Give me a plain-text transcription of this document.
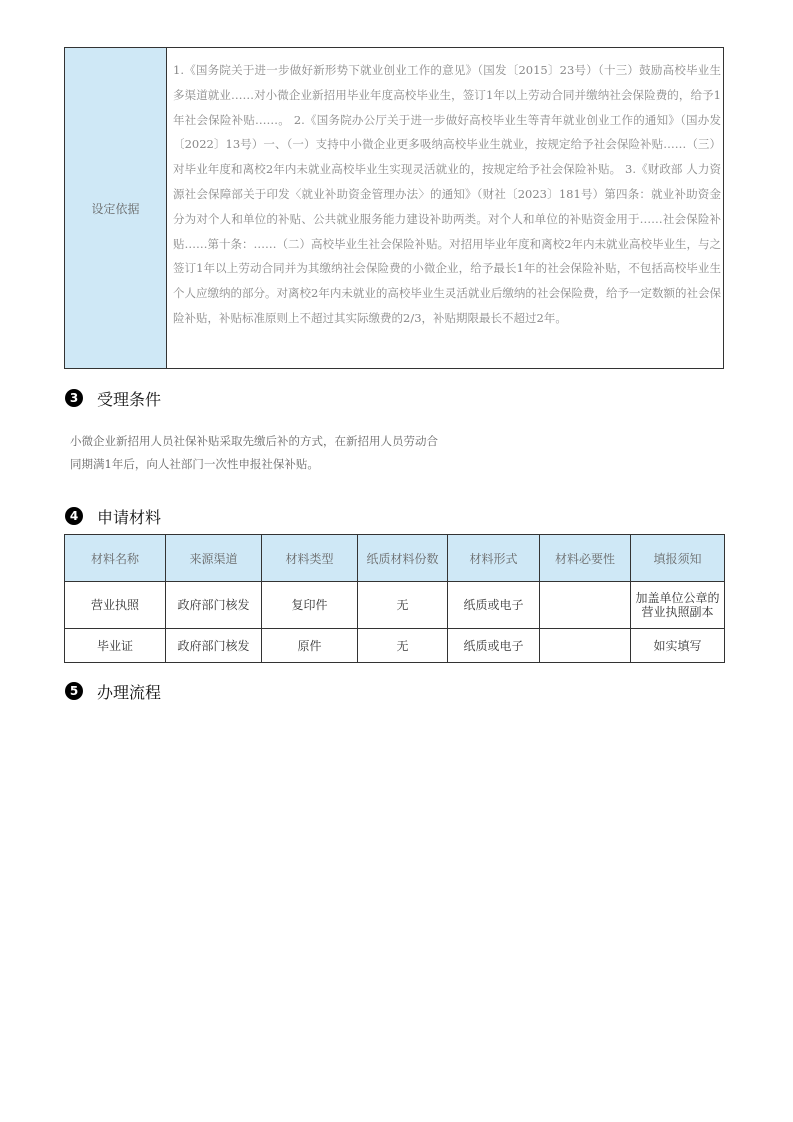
设定依据	1.《国务院关于进一步做好新形势下就业创业工作的意见》（国发〔2015〕23号）（十三）鼓励高校毕业生多渠道就业……对小微企业新招用毕业年度高校毕业生，签订1年以上劳动合同并缴纳社会保险费的，给予1年社会保险补贴……。 2.《国务院办公厅关于进一步做好高校毕业生等青年就业创业工作的通知》（国办发〔2022〕13号）一、（一）支持中小微企业更多吸纳高校毕业生就业，按规定给予社会保险补贴……（三）对毕业年度和离校2年内未就业高校毕业生实现灵活就业的，按规定给予社会保险补贴。 3.《财政部 人力资源社会保障部关于印发〈就业补助资金管理办法〉的通知》（财社〔2023〕181号）第四条：就业补助资金分为对个人和单位的补贴、公共就业服务能力建设补助两类。对个人和单位的补贴资金用于……社会保险补贴……第十条：……（二）高校毕业生社会保险补贴。对招用毕业年度和离校2年内未就业高校毕业生，与之签订1年以上劳动合同并为其缴纳社会保险费的小微企业，给予最长1年的社会保险补贴，不包括高校毕业生个人应缴纳的部分。对离校2年内未就业的高校毕业生灵活就业后缴纳的社会保险费，给予一定数额的社会保险补贴，补贴标准原则上不超过其实际缴费的2/3，补贴期限最长不超过2年。
3	受理条件

小微企业新招用人员社保补贴采取先缴后补的方式，在新招用人员劳动合

同期满1年后，向人社部门一次性申报社保补贴。

4	申请材料
材料名称	来源渠道	材料类型	纸质材料份数	材料形式	材料必要性	填报须知
营业执照	政府部门核发	复印件	无	纸质或电子		加盖单位公章的营业执照副本
毕业证	政府部门核发	原件	无	纸质或电子		如实填写
5	办理流程
